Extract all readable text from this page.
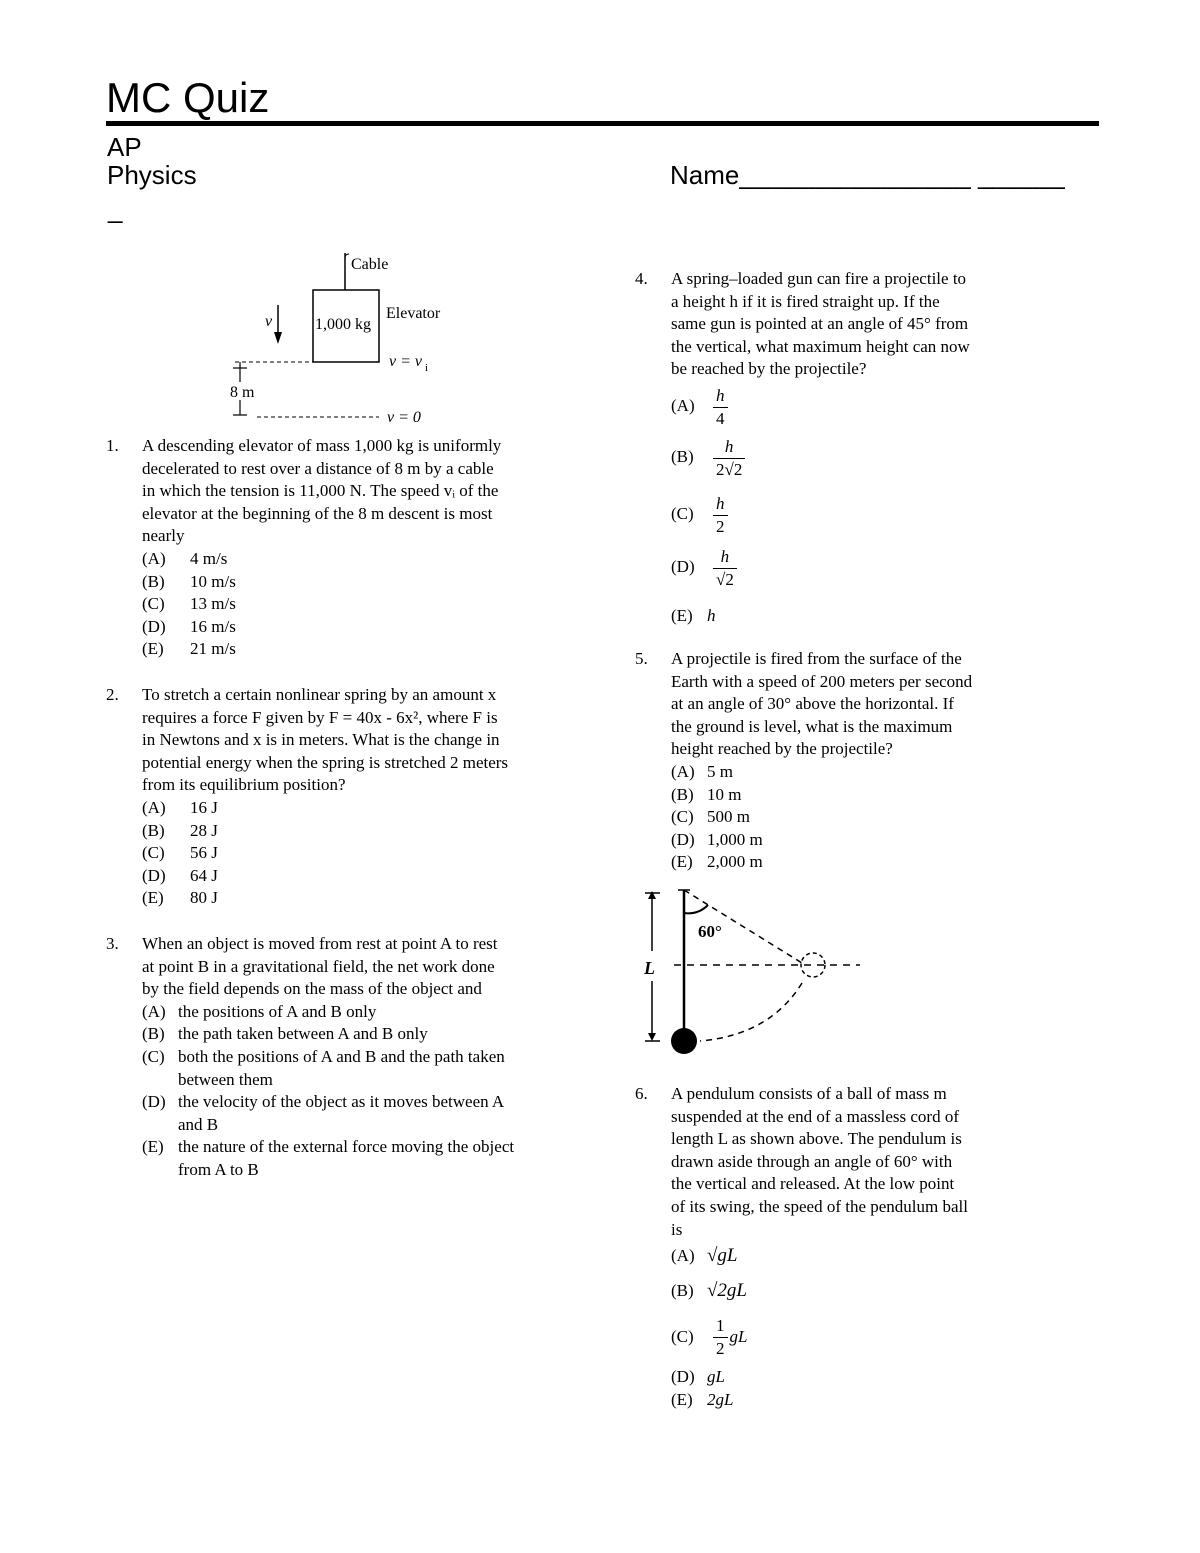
MC Quiz
AP
Physics
_
Name________________ ______
Cable
1,000 kg
Elevator
v
v = v i
8 m
v = 0
1. A descending elevator of mass 1,000 kg is uniformly
decelerated to rest over a distance of 8 m by a cable
in which the tension is 11,000 N. The speed vᵢ of the
elevator at the beginning of the 8 m descent is most
nearly
(A) 4 m/s
(B) 10 m/s
(C) 13 m/s
(D) 16 m/s
(E) 21 m/s
2. To stretch a certain nonlinear spring by an amount x
requires a force F given by F = 40x - 6x², where F is
in Newtons and x is in meters. What is the change in
potential energy when the spring is stretched 2 meters
from its equilibrium position?
(A) 16 J
(B) 28 J
(C) 56 J
(D) 64 J
(E) 80 J
3. When an object is moved from rest at point A to rest
at point B in a gravitational field, the net work done
by the field depends on the mass of the object and
(A) the positions of A and B only
(B) the path taken between A and B only
(C) both the positions of A and B and the path taken
between them
(D) the velocity of the object as it moves between A
and B
(E) the nature of the external force moving the object
from A to B
4. A spring–loaded gun can fire a projectile to
a height h if it is fired straight up. If the
same gun is pointed at an angle of 45° from
the vertical, what maximum height can now
be reached by the projectile?
$(A) \frac{h}{4}$
$(B) \frac{h}{2√2}$
$(C) \frac{h}{2}$
$(D) \frac{h}{√2}$
(E) h
5. A projectile is fired from the surface of the
Earth with a speed of 200 meters per second
at an angle of 30° above the horizontal. If
the ground is level, what is the maximum
height reached by the projectile?
(A) 5 m
(B) 10 m
(C) 500 m
(D) 1,000 m
(E) 2,000 m
L
60°
6. A pendulum consists of a ball of mass m
suspended at the end of a massless cord of
length L as shown above. The pendulum is
drawn aside through an angle of 60° with
the vertical and released. At the low point
of its swing, the speed of the pendulum ball
is
(A) √gL
(B) √2gL
$(C) \frac{1}{2}$ gL
(D) gL
(E) 2gL
